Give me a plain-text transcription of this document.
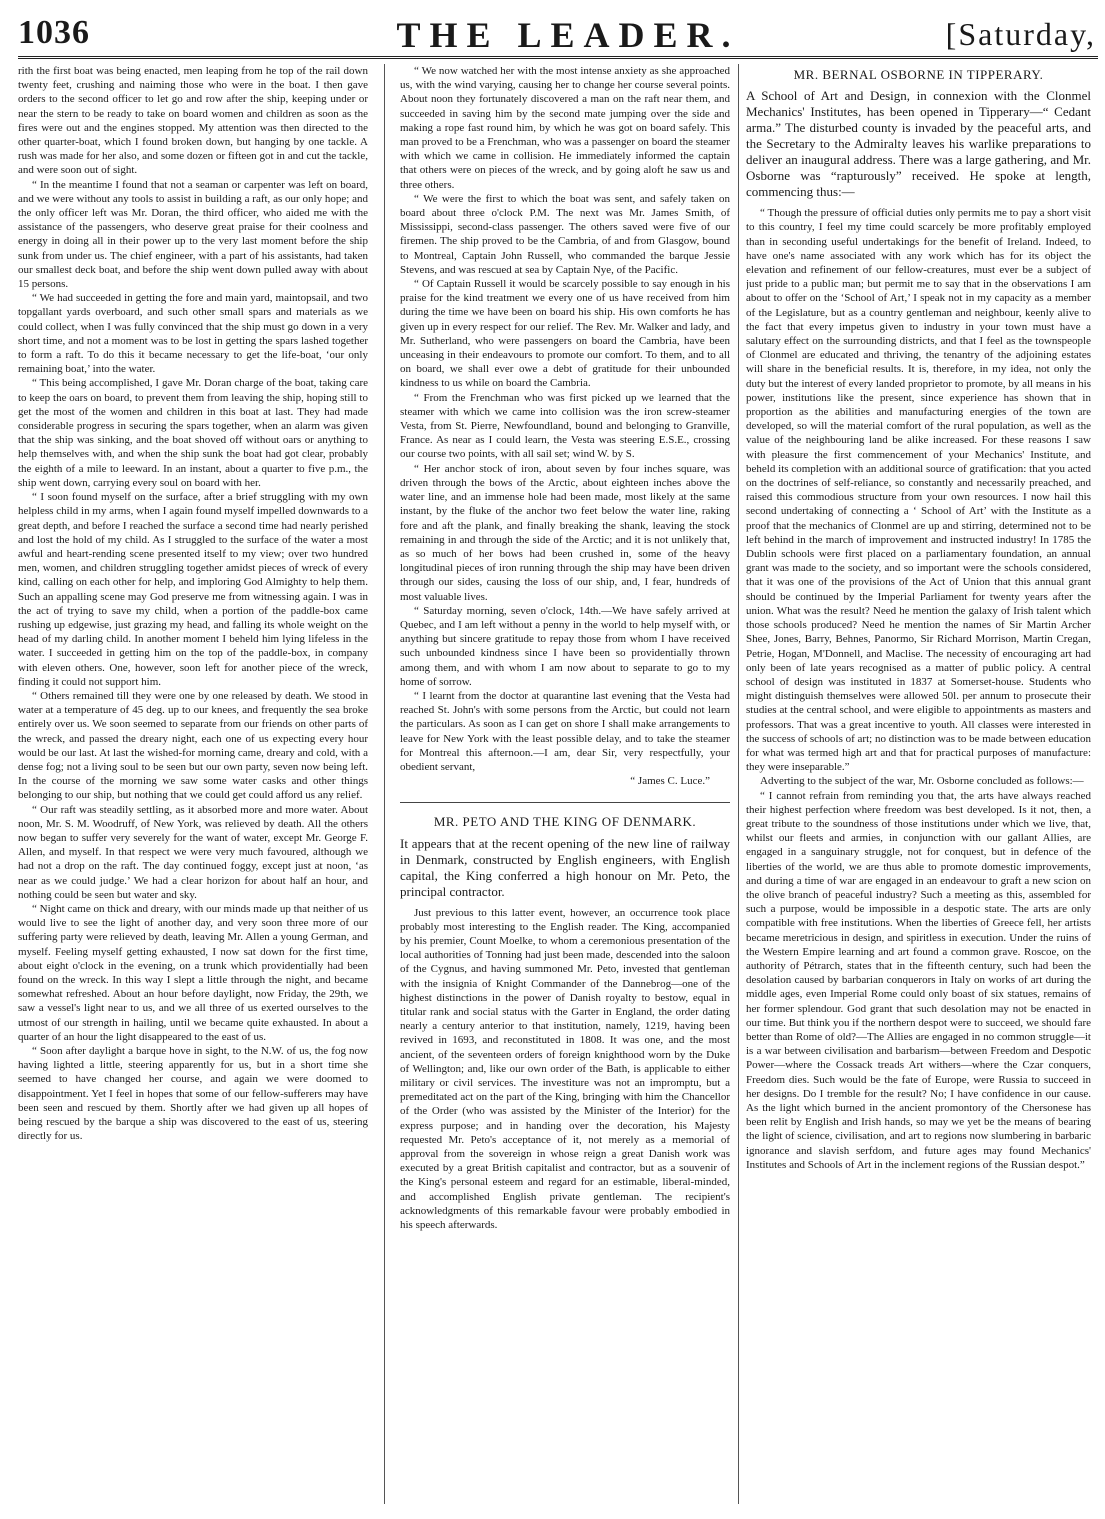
1036	THE LEADER.	[Saturday,

rith the first boat was being enacted, men leaping from he top of the rail down twenty feet, crushing and naiming those who were in the boat. I then gave orders to the second officer to let go and row after the ship, keeping under or near the stern to be ready to take on board women and children as soon as the fires were out and the engines stopped. My attention was then directed to the other quarter-boat, which I found broken down, but hanging by one tackle. A rush was made for her also, and some dozen or fifteen got in and cut the tackle, and were soon out of sight.

“ In the meantime I found that not a seaman or carpenter was left on board, and we were without any tools to assist in building a raft, as our only hope; and the only officer left was Mr. Doran, the third officer, who aided me with the assistance of the passengers, who deserve great praise for their coolness and energy in doing all in their power up to the very last moment before the ship sunk from under us. The chief engineer, with a part of his assistants, had taken our smallest deck boat, and before the ship went down pulled away with about 15 persons.

“ We had succeeded in getting the fore and main yard, maintopsail, and two topgallant yards overboard, and such other small spars and materials as we could collect, when I was fully convinced that the ship must go down in a very short time, and not a moment was to be lost in getting the spars lashed together to form a raft. To do this it became necessary to get the life-boat, ‘our only remaining boat,’ into the water.

“ This being accomplished, I gave Mr. Doran charge of the boat, taking care to keep the oars on board, to prevent them from leaving the ship, hoping still to get the most of the women and children in this boat at last. They had made considerable progress in securing the spars together, when an alarm was given that the ship was sinking, and the boat shoved off without oars or anything to help themselves with, and when the ship sunk the boat had got clear, probably the eighth of a mile to leeward. In an instant, about a quarter to five p.m., the ship went down, carrying every soul on board with her.

“ I soon found myself on the surface, after a brief struggling with my own helpless child in my arms, when I again found myself impelled downwards to a great depth, and before I reached the surface a second time had nearly perished and lost the hold of my child. As I struggled to the surface of the water a most awful and heart-rending scene presented itself to my view; over two hundred men, women, and children struggling together amidst pieces of wreck of every kind, calling on each other for help, and imploring God Almighty to help them. Such an appalling scene may God preserve me from witnessing again. I was in the act of trying to save my child, when a portion of the paddle-box came rushing up edgewise, just grazing my head, and falling its whole weight on the head of my darling child. In another moment I beheld him lying lifeless in the water. I succeeded in getting him on the top of the paddle-box, in company with eleven others. One, however, soon left for another piece of the wreck, finding it could not support him.

“ Others remained till they were one by one released by death. We stood in water at a temperature of 45 deg. up to our knees, and frequently the sea broke entirely over us. We soon seemed to separate from our friends on other parts of the wreck, and passed the dreary night, each one of us expecting every hour would be our last. At last the wished-for morning came, dreary and cold, with a dense fog; not a living soul to be seen but our own party, seven now being left. In the course of the morning we saw some water casks and other things belonging to our ship, but nothing that we could get could afford us any relief.

“ Our raft was steadily settling, as it absorbed more and more water. About noon, Mr. S. M. Woodruff, of New York, was relieved by death. All the others now began to suffer very severely for the want of water, except Mr. George F. Allen, and myself. In that respect we were very much favoured, although we had not a drop on the raft. The day continued foggy, except just at noon, ‘as near as we could judge.’ We had a clear horizon for about half an hour, and nothing could be seen but water and sky.

“ Night came on thick and dreary, with our minds made up that neither of us would live to see the light of another day, and very soon three more of our suffering party were relieved by death, leaving Mr. Allen a young German, and myself. Feeling myself getting exhausted, I now sat down for the first time, about eight o'clock in the evening, on a trunk which providentially had been found on the wreck. In this way I slept a little through the night, and became somewhat refreshed. About an hour before daylight, now Friday, the 29th, we saw a vessel's light near to us, and we all three of us exerted ourselves to the utmost of our strength in hailing, until we became quite exhausted. In about a quarter of an hour the light disappeared to the east of us.

“ Soon after daylight a barque hove in sight, to the N.W. of us, the fog now having lighted a little, steering apparently for us, but in a short time she seemed to have changed her course, and again we were doomed to disappointment. Yet I feel in hopes that some of our fellow-sufferers may have been seen and rescued by them. Shortly after we had given up all hopes of being rescued by the barque a ship was discovered to the east of us, steering directly for us.

“ We now watched her with the most intense anxiety as she approached us, with the wind varying, causing her to change her course several points. About noon they fortunately discovered a man on the raft near them, and succeeded in saving him by the second mate jumping over the side and making a rope fast round him, by which he was got on board safely. This man proved to be a Frenchman, who was a passenger on board the steamer with which we came in collision. He immediately informed the captain that others were on pieces of the wreck, and by going aloft he saw us and three others.

“ We were the first to which the boat was sent, and safely taken on board about three o'clock P.M. The next was Mr. James Smith, of Mississippi, second-class passenger. The others saved were five of our firemen. The ship proved to be the Cambria, of and from Glasgow, bound to Montreal, Captain John Russell, who commanded the barque Jessie Stevens, and was rescued at sea by Captain Nye, of the Pacific.

“ Of Captain Russell it would be scarcely possible to say enough in his praise for the kind treatment we every one of us have received from him during the time we have been on board his ship. His own comforts he has given up in every respect for our relief. The Rev. Mr. Walker and lady, and Mr. Sutherland, who were passengers on board the Cambria, have been unceasing in their endeavours to promote our comfort. To them, and to all on board, we shall ever owe a debt of gratitude for their unbounded kindness to us while on board the Cambria.

“ From the Frenchman who was first picked up we learned that the steamer with which we came into collision was the iron screw-steamer Vesta, from St. Pierre, Newfoundland, bound and belonging to Granville, France. As near as I could learn, the Vesta was steering E.S.E., crossing our course two points, with all sail set; wind W. by S.

“ Her anchor stock of iron, about seven by four inches square, was driven through the bows of the Arctic, about eighteen inches above the water line, and an immense hole had been made, most likely at the same instant, by the fluke of the anchor two feet below the water line, raking fore and aft the plank, and finally breaking the shank, leaving the stock remaining in and through the side of the Arctic; and it is not unlikely that, as so much of her bows had been crushed in, some of the heavy longitudinal pieces of iron running through the ship may have been driven through our sides, causing the loss of our ship, and, I fear, hundreds of most valuable lives.

“ Saturday morning, seven o'clock, 14th.—We have safely arrived at Quebec, and I am left without a penny in the world to help myself with, or anything but sincere gratitude to repay those from whom I have received such unbounded kindness since I have been so providentially thrown among them, and with whom I am now about to separate to go to my home of sorrow.

“ I learnt from the doctor at quarantine last evening that the Vesta had reached St. John's with some persons from the Arctic, but could not learn the particulars. As soon as I can get on shore I shall make arrangements to leave for New York with the least possible delay, and to take the steamer for Montreal this afternoon.—I am, dear Sir, very respectfully, your obedient servant,

“ James C. Luce.”

MR. PETO AND THE KING OF DENMARK.

It appears that at the recent opening of the new line of railway in Denmark, constructed by English engineers, with English capital, the King conferred a high honour on Mr. Peto, the principal contractor.

Just previous to this latter event, however, an occurrence took place probably most interesting to the English reader. The King, accompanied by his premier, Count Moelke, to whom a ceremonious presentation of the local authorities of Tonning had just been made, descended into the saloon of the Cygnus, and having summoned Mr. Peto, invested that gentleman with the insignia of Knight Commander of the Dannebrog—one of the highest distinctions in the power of Danish royalty to bestow, equal in titular rank and social status with the Garter in England, the order dating nearly a century anterior to that institution, namely, 1219, having been revived in 1693, and reconstituted in 1808. It was one, and the most ancient, of the seventeen orders of foreign knighthood worn by the Duke of Wellington; and, like our own order of the Bath, is applicable to either military or civil services. The investiture was not an impromptu, but a premeditated act on the part of the King, bringing with him the Chancellor of the Order (who was assisted by the Minister of the Interior) for the express purpose; and in handing over the decoration, his Majesty requested Mr. Peto's acceptance of it, not merely as a memorial of approval from the sovereign in whose reign a great Danish work was executed by a great British capitalist and contractor, but as a souvenir of the King's personal esteem and regard for an estimable, liberal-minded, and accomplished English private gentleman. The recipient's acknowledgments of this remarkable favour were probably embodied in his speech afterwards.

MR. BERNAL OSBORNE IN TIPPERARY.

A School of Art and Design, in connexion with the Clonmel Mechanics' Institutes, has been opened in Tipperary—“ Cedant arma.” The disturbed county is invaded by the peaceful arts, and the Secretary to the Admiralty leaves his warlike preparations to deliver an inaugural address. There was a large gathering, and Mr. Osborne was “rapturously” received. He spoke at length, commencing thus:—

“ Though the pressure of official duties only permits me to pay a short visit to this country, I feel my time could scarcely be more profitably employed than in seconding useful undertakings for the benefit of Ireland. Indeed, to have one's name associated with any work which has for its object the elevation and refinement of our fellow-creatures, must ever be a subject of just pride to a public man; but permit me to say that in the observations I am about to offer on the ‘School of Art,’ I speak not in my capacity as a member of the Legislature, but as a country gentleman and neighbour, keenly alive to the fact that every impetus given to industry in your town must have a salutary effect on the surrounding districts, and that I feel as the townspeople of Clonmel are educated and thriving, the tenantry of the adjoining estates will share in the beneficial results. It is, therefore, in my idea, not only the duty but the interest of every landed proprietor to promote, by all means in his power, institutions like the present, since experience has shown that in proportion as the abilities and manufacturing energies of the town are developed, so will the material comfort of the rural population, as well as the value of the neighbouring land be alike increased. For these reasons I saw with pleasure the first commencement of your Mechanics' Institute, and beheld its completion with an additional source of gratification: that you acted on the doctrines of self-reliance, so constantly and necessarily preached, and raised this commodious structure from your own resources. I now hail this second undertaking of connecting a ‘ School of Art’ with the Institute as a proof that the mechanics of Clonmel are up and stirring, determined not to be left behind in the march of improvement and instructed industry! In 1785 the Dublin schools were first placed on a parliamentary foundation, an annual grant was made to the society, and so important were the schools considered, that it was one of the provisions of the Act of Union that this annual grant should be continued by the Imperial Parliament for twenty years after the union. What was the result? Need he mention the galaxy of Irish talent which those schools produced? Need he mention the names of Sir Martin Archer Shee, Jones, Barry, Behnes, Panormo, Sir Richard Morrison, Martin Cregan, Petrie, Hogan, M'Donnell, and Maclise. The necessity of encouraging art had only been of late years recognised as a matter of public policy. A central school of design was instituted in 1837 at Somerset-house. Students who might distinguish themselves were allowed 50l. per annum to prosecute their studies at the central school, and were eligible to appointments as masters and professors. That was a great incentive to youth. All classes were interested in the success of schools of art; no distinction was to be made between education for what was termed high art and that for practical purposes of manufacture: they were inseparable.”

Adverting to the subject of the war, Mr. Osborne concluded as follows:—

“ I cannot refrain from reminding you that, the arts have always reached their highest perfection where freedom was best developed. Is it not, then, a great tribute to the soundness of those institutions under which we live, that, whilst our fleets and armies, in conjunction with our gallant Allies, are engaged in a sanguinary struggle, not for conquest, but in defence of the liberties of the world, we are thus able to promote domestic improvements, and during a time of war are engaged in an endeavour to graft a new scion on the olive branch of peaceful industry? Such a meeting as this, assembled for such a purpose, would be impossible in a despotic state. The arts are only compatible with free institutions. When the liberties of Greece fell, her artists became meretricious in design, and spiritless in execution. Under the ruins of the Western Empire learning and art found a common grave. Roscoe, on the authority of Pétrarch, states that in the fifteenth century, such had been the desolation caused by barbarian conquerors in Italy on works of art during the middle ages, even Imperial Rome could only boast of six statues, remains of her former splendour. God grant that such desolation may not be enacted in our time. But think you if the northern despot were to succeed, we should fare better than Rome of old?—The Allies are engaged in no common struggle—it is a war between civilisation and barbarism—between Freedom and Despotic Power—where the Cossack treads Art withers—where the Czar conquers, Freedom dies. Such would be the fate of Europe, were Russia to succeed in her designs. Do I tremble for the result? No; I have confidence in our cause. As the light which burned in the ancient promontory of the Chersonese has been relit by English and Irish hands, so may we yet be the means of bearing the light of science, civilisation, and art to regions now slumbering in barbaric ignorance and slavish serfdom, and future ages may found Mechanics' Institutes and Schools of Art in the inclement regions of the Russian despot.”
